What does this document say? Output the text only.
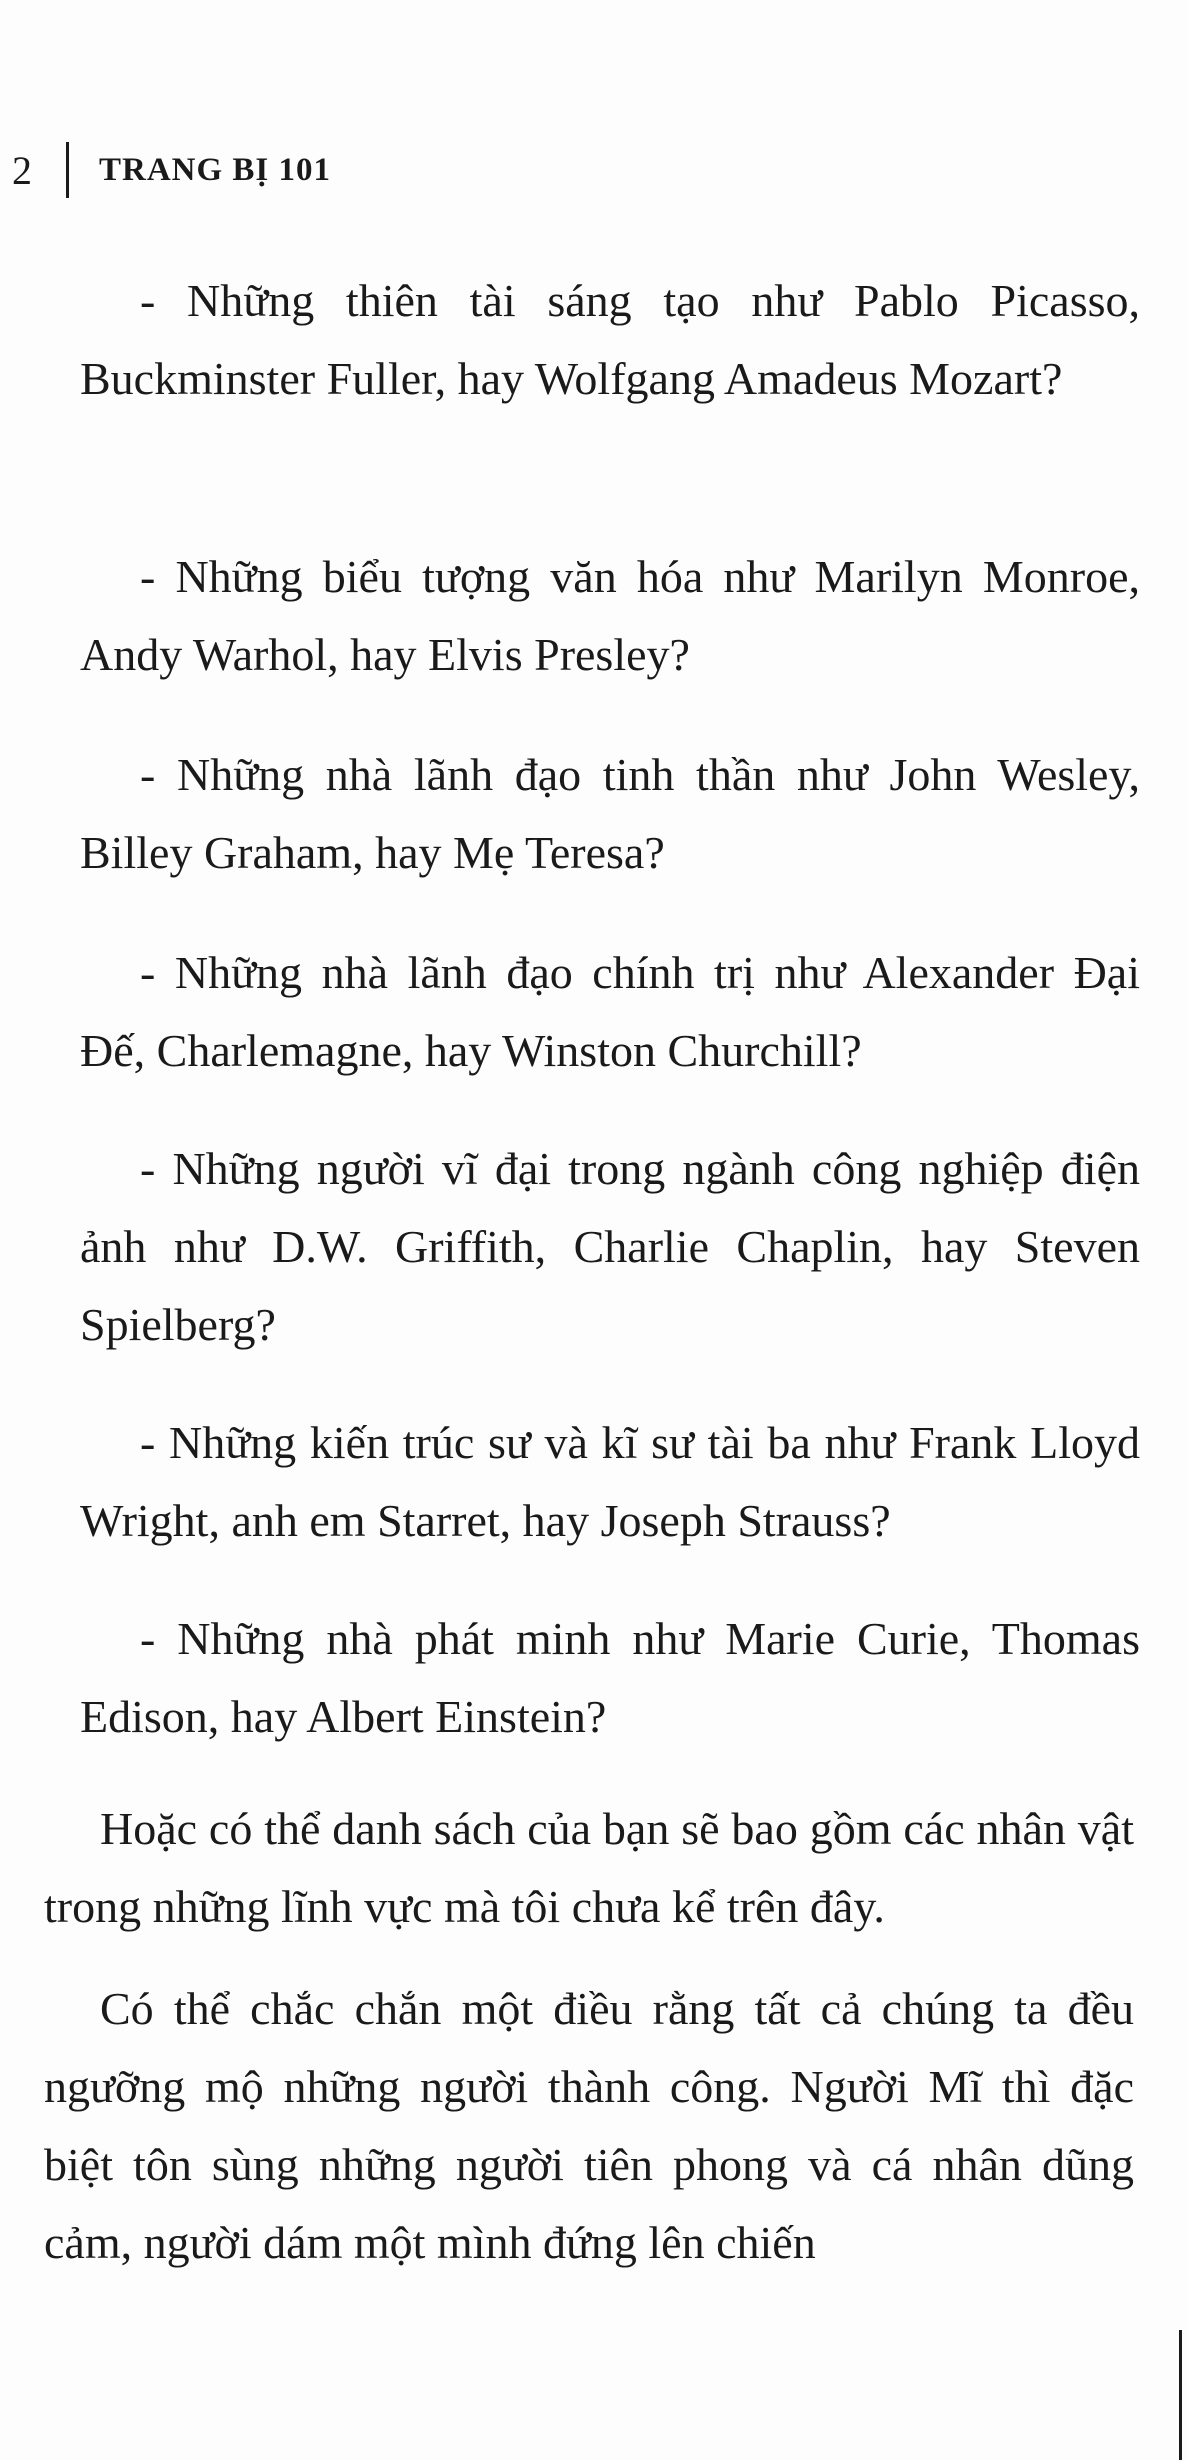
2 TRANG BỊ 101

- Những thiên tài sáng tạo như Pablo Picasso, Buckminster Fuller, hay Wolfgang Amadeus Mozart?

- Những biểu tượng văn hóa như Marilyn Monroe, Andy Warhol, hay Elvis Presley?

- Những nhà lãnh đạo tinh thần như John Wesley, Billey Graham, hay Mẹ Teresa?

- Những nhà lãnh đạo chính trị như Alexander Đại Đế, Charlemagne, hay Winston Churchill?

- Những người vĩ đại trong ngành công nghiệp điện ảnh như D.W. Griffith, Charlie Chaplin, hay Steven Spielberg?

- Những kiến trúc sư và kĩ sư tài ba như Frank Lloyd Wright, anh em Starret, hay Joseph Strauss?

- Những nhà phát minh như Marie Curie, Thomas Edison, hay Albert Einstein?

Hoặc có thể danh sách của bạn sẽ bao gồm các nhân vật trong những lĩnh vực mà tôi chưa kể trên đây.

Có thể chắc chắn một điều rằng tất cả chúng ta đều ngưỡng mộ những người thành công. Người Mĩ thì đặc biệt tôn sùng những người tiên phong và cá nhân dũng cảm, người dám một mình đứng lên chiến
